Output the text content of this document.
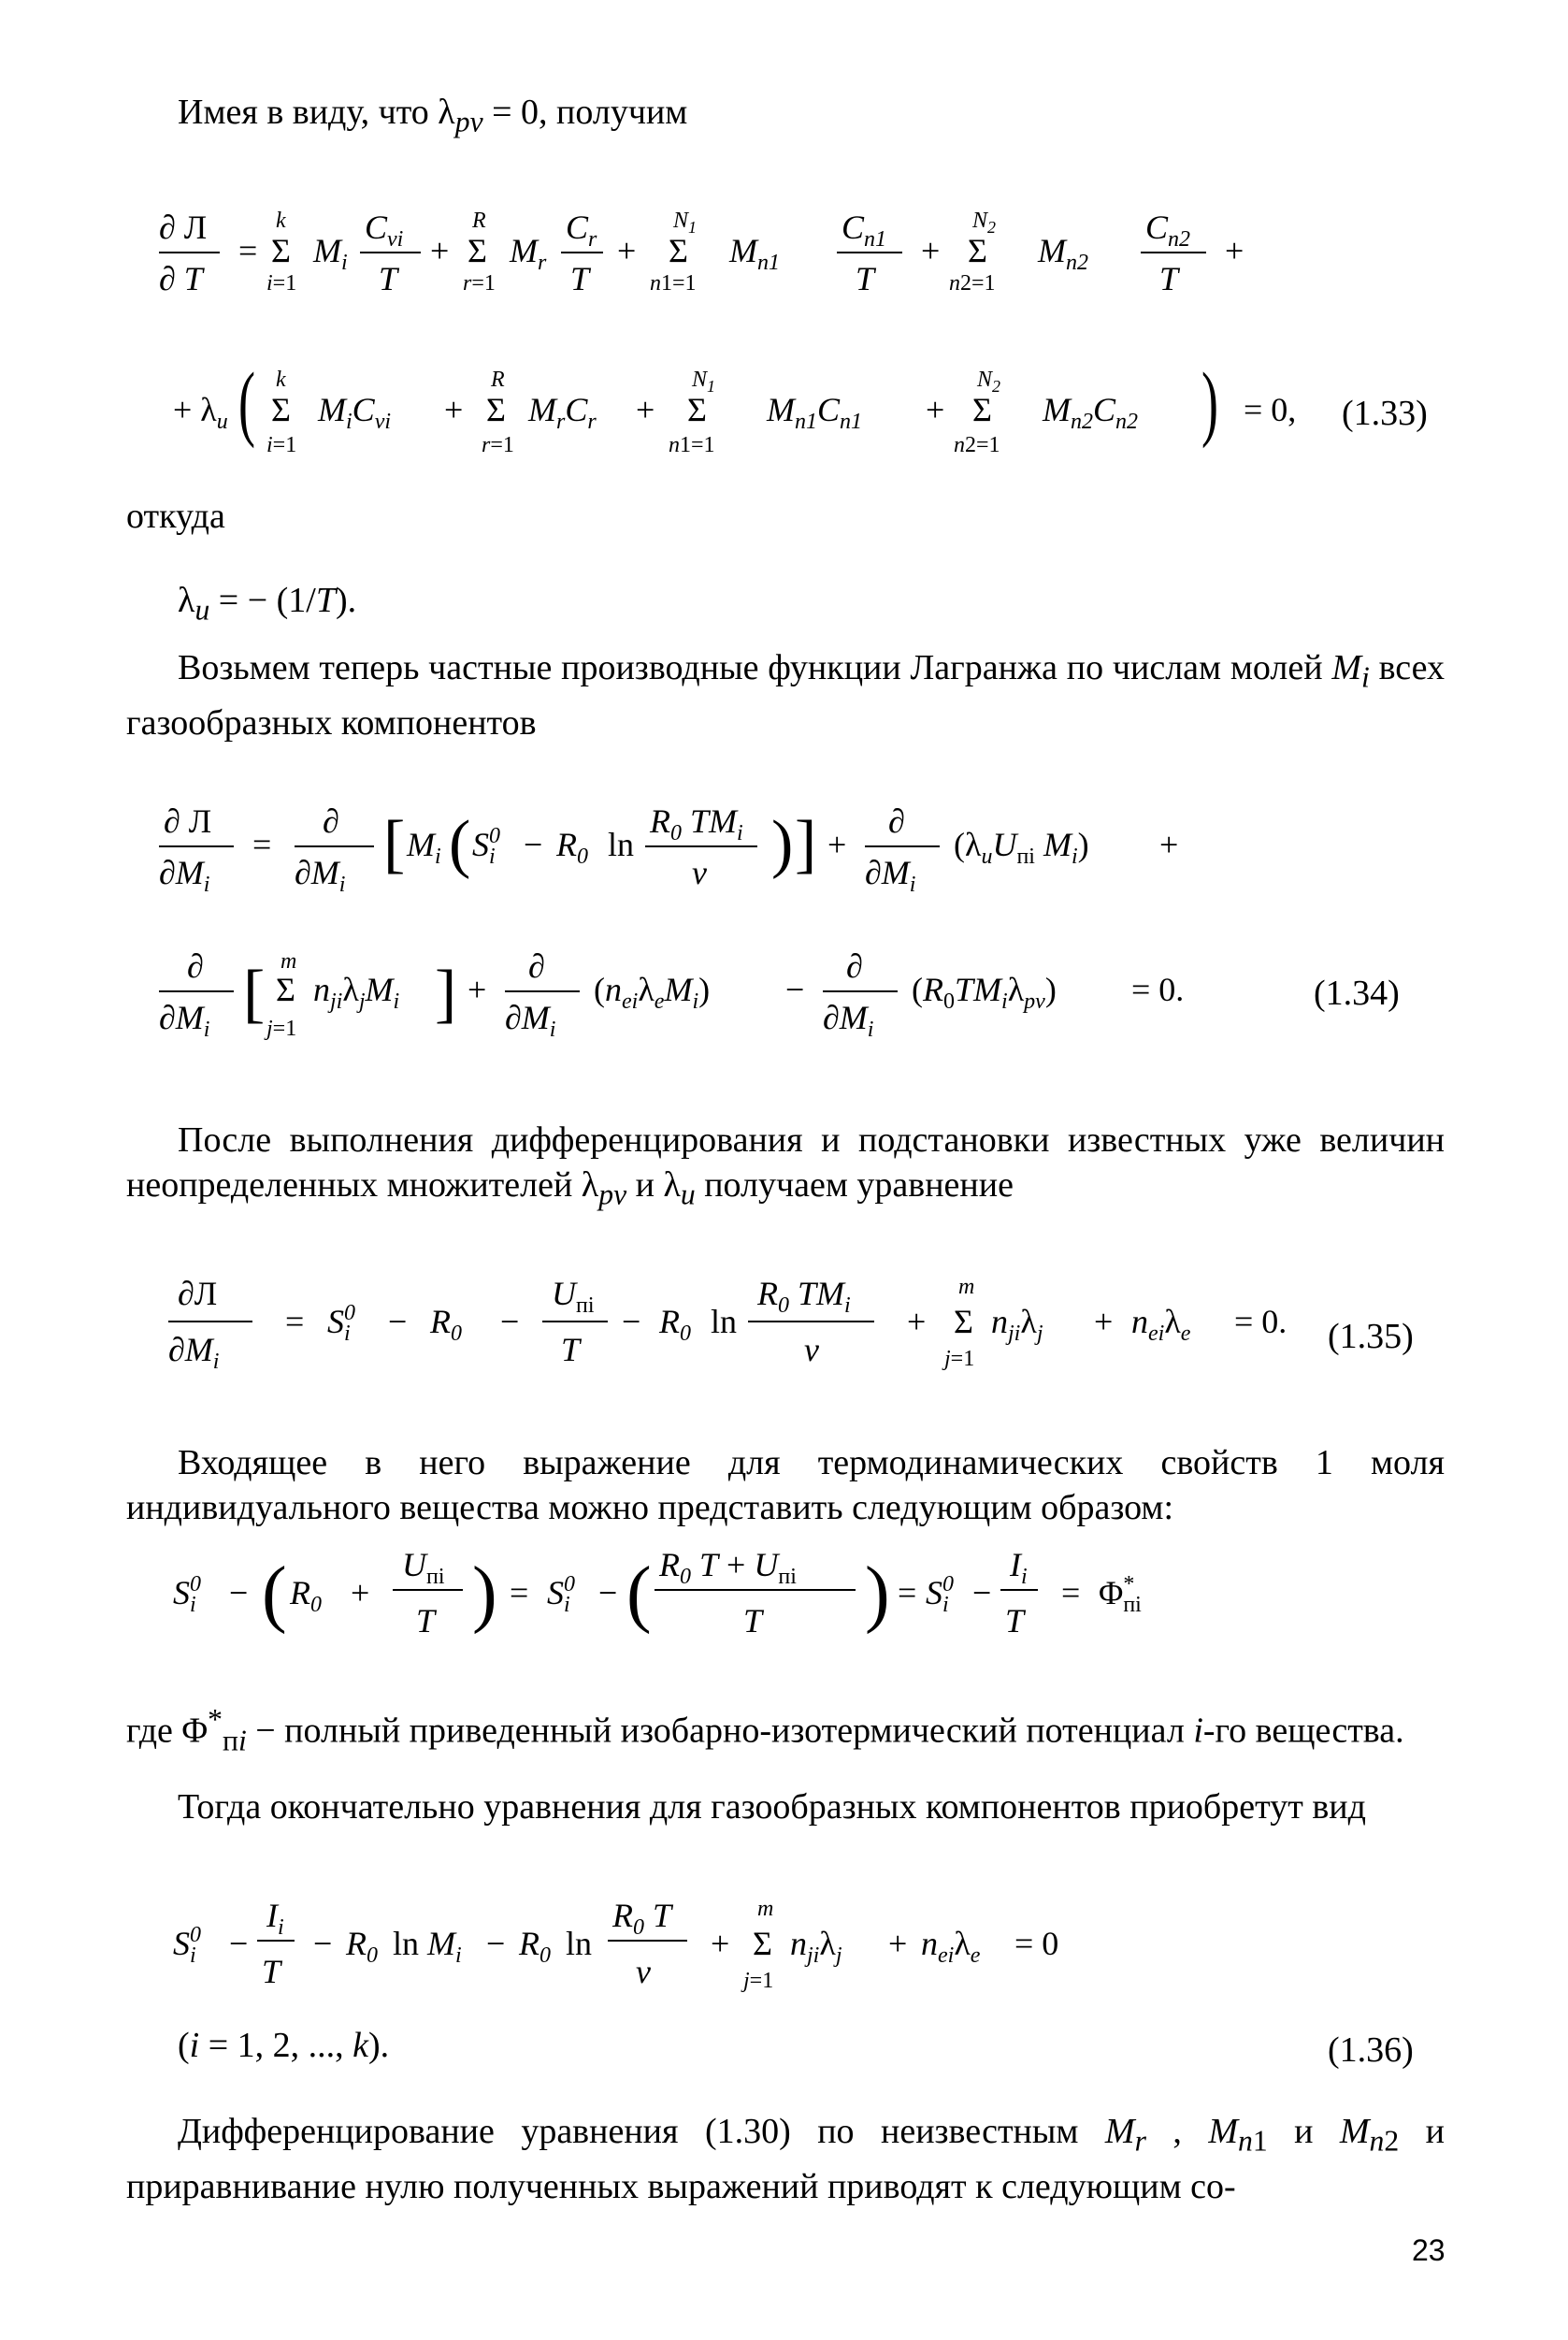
Имея в виду, что $\lambda_{pv} = 0$, получим
∂ Л
∂ T
=
k
Σ
i=1
$M_i$
$C_{vi}$
T
+
R
Σ
r=1
$M_r$
$C_r$
T
+
$N_1$
Σ
n1=1
$M_{n1}$
$C_{n1}$
T
+
$N_2$
Σ
n2=1
$M_{n2}$
$C_{n2}$
T
+
+ $\lambda_u$ ( k
Σ
i=1
$M_iC_{vi}$ +
R
Σ
r=1
$M_rC_r$ +
$N_1$
Σ
n1=1
$M_{n1}C_{n1}$ +
$N_2$
Σ
n2=1
$M_{n2}C_{n2}$ ) = 0, (1.33)
откуда
$\lambda_u$ = − (1/T).
Возьмем теперь частные производные функции Лагранжа по числам молей $M_i$ всех газообразных компонентов
∂ Л
$\partial M_i$
=
∂
$\partial M_i$
[ $M_i$ ( $S^0$ $i - R_0$ ln
$R_0$ $TM_i$
v ) ] +
∂
$\partial M_i$
($\lambda_uU_{пi}$ $M_i$) +
∂
$\partial M_i$ [ m
Σ
j=1
$n_{ji}\lambda_jM_i$ ] +
∂
$\partial M_i$
$(n_{ei}\lambda_eM_i)$ −
∂
$\partial M_i$
$(R_0TM_i\lambda_{pv}) = 0$.	(1.34)
После выполнения дифференцирования и подстановки известных уже величин неопределенных множителей $\lambda_{pv}$ и $\lambda_u$ получаем уравнение
∂Л
$\partial M_i$
= $S^0$ $i - R_0$ −
$U_{пi}$
T
− $R_0$ ln
$R_0$ $TM_i$
v
+
m
Σ
j=1
$n_{ji}\lambda_j + n_{ei}\lambda_e = 0$. (1.35)
Входящее в него выражение для термодинамических свойств 1 моля индивидуального вещества можно представить следующим образом:
$S^0$ i − ( $R_0$ +
$U_{пi}$
T ) = $S^0$ i − ( $R_0$ $T + U_{пi}$
T ) = $S^0$ i −
$I_i$
T
= Φ* пi
где $\Phi^*_{пi}$ − полный приведенный изобарно-изотермический потенциал i-го вещества.
Тогда окончательно уравнения для газообразных компонентов приобретут вид
$S^0$ i −
$I_i$
T
− $R_0$ $\ln M_i - R_0$ ln
$R_0$ T
v
+
m
Σ
j=1
$n_{ji}\lambda_j + n_{ei}\lambda_e = 0$
(i = 1, 2, ..., k).	(1.36)
Дифференцирование уравнения (1.30) по неизвестным $M_r$ , $M_{n1}$ и $M_{n2}$ и приравнивание нулю полученных выражений приводят к следующим со-
23
